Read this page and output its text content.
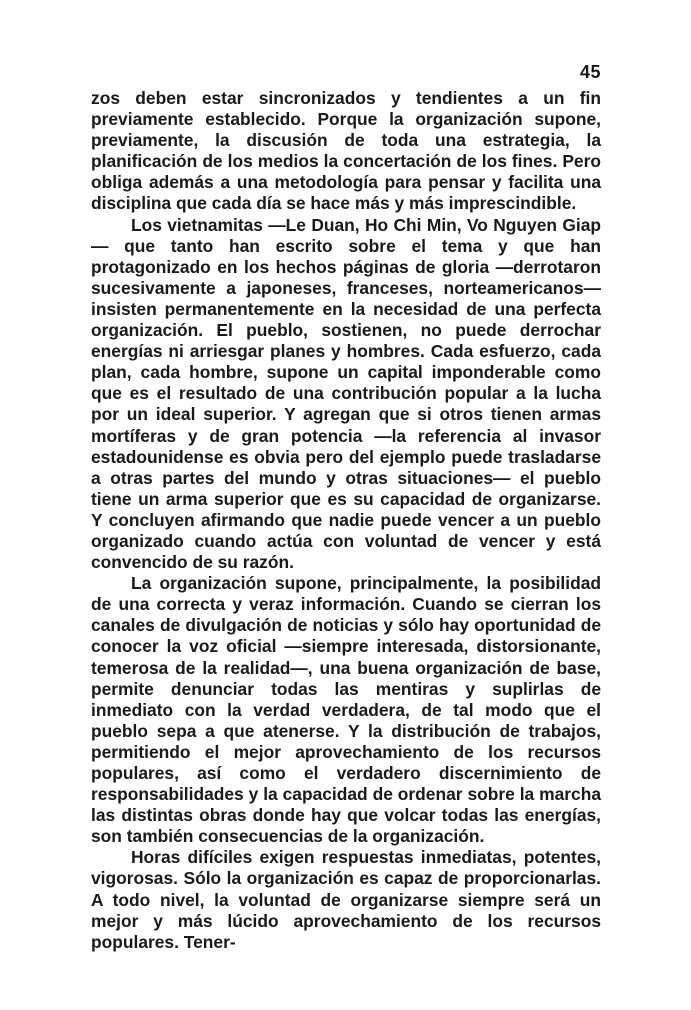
45

zos deben estar sincronizados y tendientes a un fin previamente establecido. Porque la organización supone, previamente, la discusión de toda una estrategia, la planificación de los medios la concertación de los fines. Pero obliga además a una metodología para pensar y facilita una disciplina que cada día se hace más y más imprescindible.

Los vietnamitas —Le Duan, Ho Chi Min, Vo Nguyen Giap— que tanto han escrito sobre el tema y que han protagonizado en los hechos páginas de gloria —derrotaron sucesivamente a japoneses, franceses, norteamericanos— insisten permanentemente en la necesidad de una perfecta organización. El pueblo, sostienen, no puede derrochar energías ni arriesgar planes y hombres. Cada esfuerzo, cada plan, cada hombre, supone un capital imponderable como que es el resultado de una contribución popular a la lucha por un ideal superior. Y agregan que si otros tienen armas mortíferas y de gran potencia —la referencia al invasor estadounidense es obvia pero del ejemplo puede trasladarse a otras partes del mundo y otras situaciones— el pueblo tiene un arma superior que es su capacidad de organizarse. Y concluyen afirmando que nadie puede vencer a un pueblo organizado cuando actúa con voluntad de vencer y está convencido de su razón.

La organización supone, principalmente, la posibilidad de una correcta y veraz información. Cuando se cierran los canales de divulgación de noticias y sólo hay oportunidad de conocer la voz oficial —siempre interesada, distorsionante, temerosa de la realidad—, una buena organización de base, permite denunciar todas las mentiras y suplirlas de inmediato con la verdad verdadera, de tal modo que el pueblo sepa a que atenerse. Y la distribución de trabajos, permitiendo el mejor aprovechamiento de los recursos populares, así como el verdadero discernimiento de responsabilidades y la capacidad de ordenar sobre la marcha las distintas obras donde hay que volcar todas las energías, son también consecuencias de la organización.

Horas difíciles exigen respuestas inmediatas, potentes, vigorosas. Sólo la organización es capaz de proporcionarlas. A todo nivel, la voluntad de organizarse siempre será un mejor y más lúcido aprovechamiento de los recursos populares. Tener-
